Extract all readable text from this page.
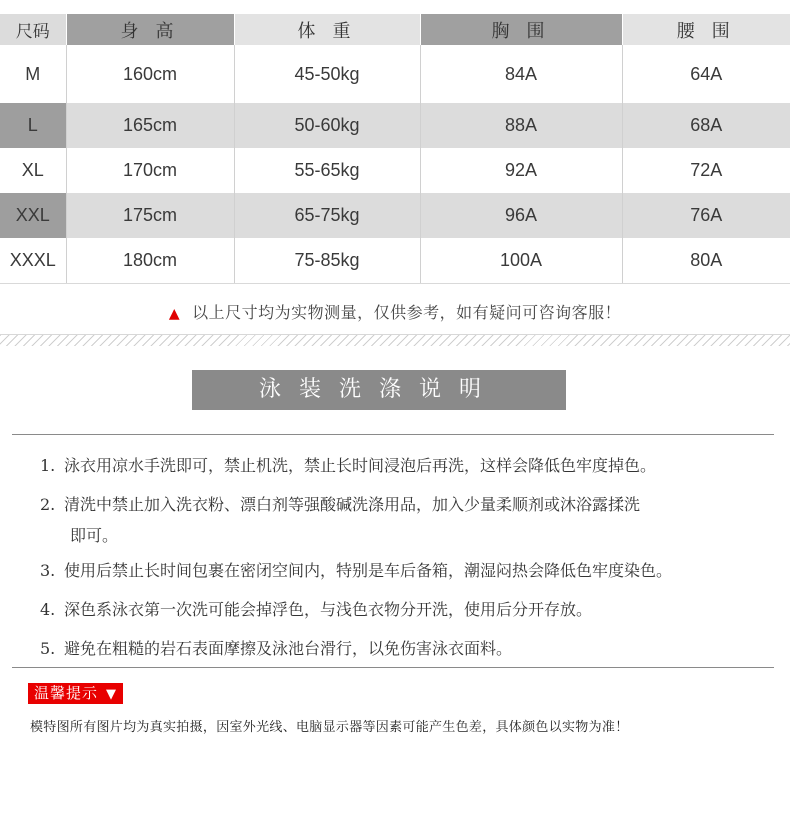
尺码	身 高	体 重	胸 围	腰 围
M	160cm	45-50kg	84A	64A
L	165cm	50-60kg	88A	68A
XL	170cm	55-65kg	92A	72A
XXL	175cm	65-75kg	96A	76A
XXXL	180cm	75-85kg	100A	80A
▲ 以上尺寸均为实物测量，仅供参考，如有疑问可咨询客服！
泳装洗涤说明
1. 泳衣用凉水手洗即可，禁止机洗，禁止长时间浸泡后再洗，这样会降低色牢度掉色。
2. 清洗中禁止加入洗衣粉、漂白剂等强酸碱洗涤用品，加入少量柔顺剂或沐浴露揉洗
即可。
3. 使用后禁止长时间包裹在密闭空间内，特别是车后备箱，潮湿闷热会降低色牢度染色。
4. 深色系泳衣第一次洗可能会掉浮色，与浅色衣物分开洗，使用后分开存放。
5. 避免在粗糙的岩石表面摩擦及泳池台滑行，以免伤害泳衣面料。
温馨提示 ▼
模特图所有图片均为真实拍摄，因室外光线、电脑显示器等因素可能产生色差，具体颜色以实物为准！
